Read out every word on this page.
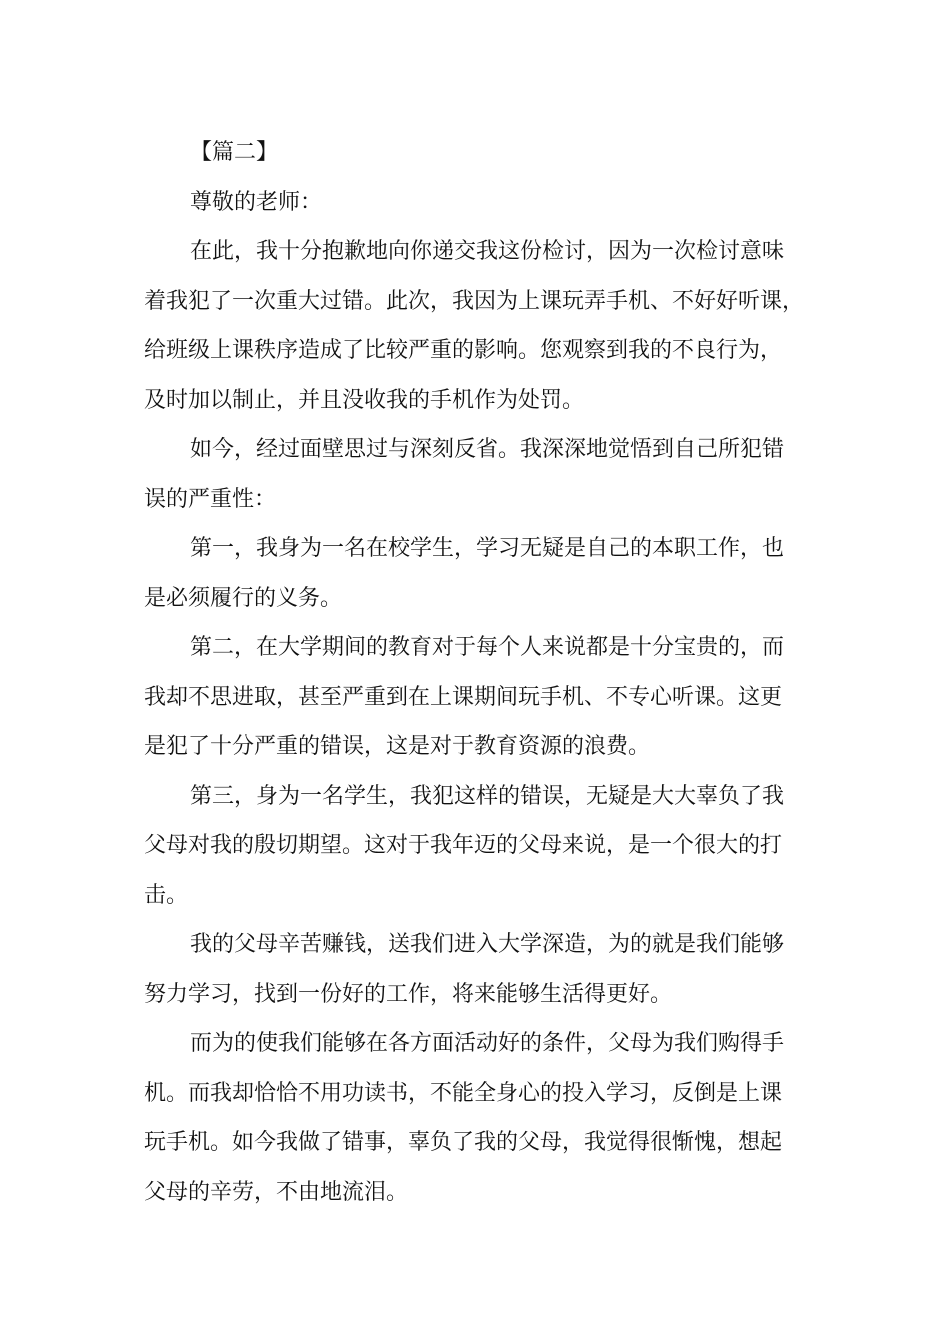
【篇二】
尊敬的老师：
在此，我十分抱歉地向你递交我这份检讨，因为一次检讨意味
着我犯了一次重大过错。此次，我因为上课玩弄手机、不好好听课，
给班级上课秩序造成了比较严重的影响。您观察到我的不良行为，
及时加以制止，并且没收我的手机作为处罚。
如今，经过面壁思过与深刻反省。我深深地觉悟到自己所犯错
误的严重性：
第一，我身为一名在校学生，学习无疑是自己的本职工作，也
是必须履行的义务。
第二，在大学期间的教育对于每个人来说都是十分宝贵的，而
我却不思进取，甚至严重到在上课期间玩手机、不专心听课。这更
是犯了十分严重的错误，这是对于教育资源的浪费。
第三，身为一名学生，我犯这样的错误，无疑是大大辜负了我
父母对我的殷切期望。这对于我年迈的父母来说，是一个很大的打
击。
我的父母辛苦赚钱，送我们进入大学深造，为的就是我们能够
努力学习，找到一份好的工作，将来能够生活得更好。
而为的使我们能够在各方面活动好的条件，父母为我们购得手
机。而我却恰恰不用功读书，不能全身心的投入学习，反倒是上课
玩手机。如今我做了错事，辜负了我的父母，我觉得很惭愧，想起
父母的辛劳，不由地流泪。
